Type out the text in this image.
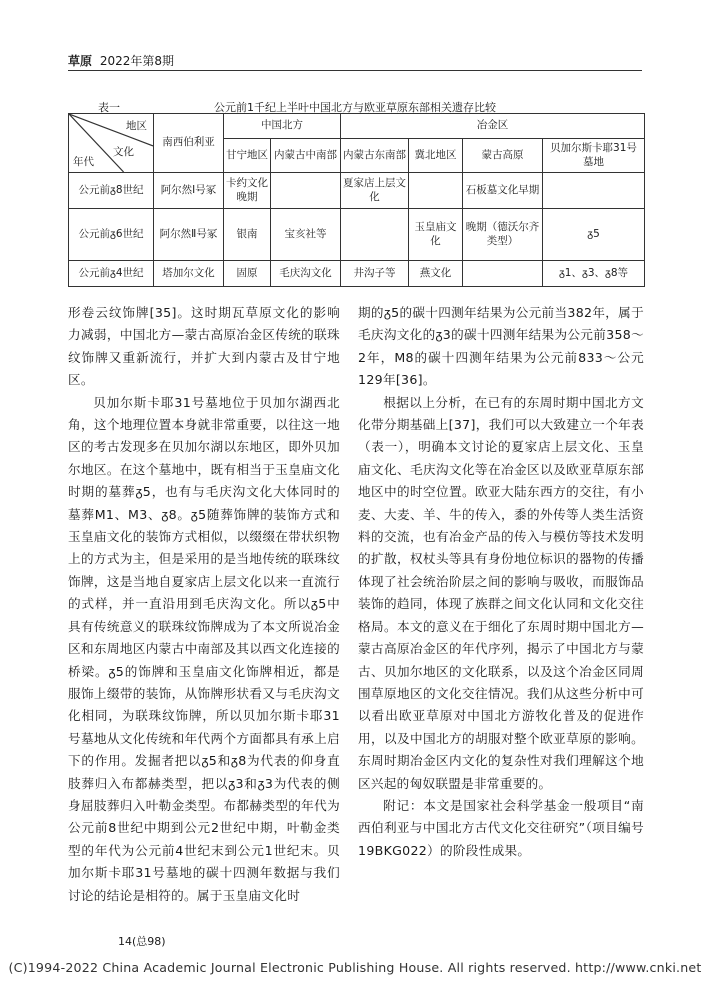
草原 2022年第8期
公元前1千纪上半叶中国北方与欧亚草原东部相关遗存比较
表一
地区
文化
年代	南西伯利亚	中国北方		冶金区			
		甘宁地区	内蒙古中南部	内蒙古东南部	冀北地区	蒙古高原	贝加尔斯卡耶31号墓地
公元前ᵹ8世纪	阿尔然Ⅰ号冢	卡约文化晚期		夏家店上层文化		石板墓文化早期	
公元前ᵹ6世纪	阿尔然Ⅱ号冢	银南	宝亥社等		玉皇庙文化	晚期（德沃尔齐类型）	ᵹ5
公元前ᵹ4世纪	塔加尔文化	固原	毛庆沟文化	井沟子等	燕文化		ᵹ1、ᵹ3、ᵹ8等

形卷云纹饰牌[35]。这时期瓦草原文化的影响力减弱，中国北方—蒙古高原冶金区传统的联珠纹饰牌又重新流行，并扩大到内蒙古及甘宁地区。

贝加尔斯卡耶31号墓地位于贝加尔湖西北角，这个地理位置本身就非常重要，以往这一地区的考古发现多在贝加尔湖以东地区，即外贝加尔地区。在这个墓地中，既有相当于玉皇庙文化时期的墓葬ᵹ5，也有与毛庆沟文化大体同时的墓葬M1、M3、ᵹ8。ᵹ5随葬饰牌的装饰方式和玉皇庙文化的装饰方式相似，以缀缀在带状织物上的方式为主，但是采用的是当地传统的联珠纹饰牌，这是当地自夏家店上层文化以来一直流行的式样，并一直沿用到毛庆沟文化。所以ᵹ5中具有传统意义的联珠纹饰牌成为了本文所说冶金区和东周地区内蒙古中南部及其以西文化连接的桥梁。ᵹ5的饰牌和玉皇庙文化饰牌相近，都是服饰上缀带的装饰，从饰牌形状看又与毛庆沟文化相同，为联珠纹饰牌，所以贝加尔斯卡耶31号墓地从文化传统和年代两个方面都具有承上启下的作用。发掘者把以ᵹ5和ᵹ8为代表的仰身直肢葬归入布都赫类型，把以ᵹ3和ᵹ3为代表的侧身屈肢葬归入叶勒金类型。布都赫类型的年代为公元前8世纪中期到公元2世纪中期，叶勒金类型的年代为公元前4世纪末到公元1世纪末。贝加尔斯卡耶31号墓地的碳十四测年数据与我们讨论的结论是相符的。属于玉皇庙文化时

期的ᵹ5的碳十四测年结果为公元前当382年，属于毛庆沟文化的ᵹ3的碳十四测年结果为公元前358～2年，M8的碳十四测年结果为公元前833～公元129年[36]。

根据以上分析，在已有的东周时期中国北方文化带分期基础上[37]，我们可以大致建立一个年表（表一），明确本文讨论的夏家店上层文化、玉皇庙文化、毛庆沟文化等在冶金区以及欧亚草原东部地区中的时空位置。欧亚大陆东西方的交往，有小麦、大麦、羊、牛的传入，黍的外传等人类生活资料的交流，也有冶金产品的传入与模仿等技术发明的扩散，权杖头等具有身份地位标识的器物的传播体现了社会统治阶层之间的影响与吸收，而服饰品装饰的趋同，体现了族群之间文化认同和文化交往格局。本文的意义在于细化了东周时期中国北方—蒙古高原冶金区的年代序列，揭示了中国北方与蒙古、贝加尔地区的文化联系，以及这个冶金区同周围草原地区的文化交往情况。我们从这些分析中可以看出欧亚草原对中国北方游牧化普及的促进作用，以及中国北方的胡服对整个欧亚草原的影响。东周时期冶金区内文化的复杂性对我们理解这个地区兴起的匈奴联盟是非常重要的。

附记：本文是国家社会科学基金一般项目“南西伯利亚与中国北方古代文化交往研究”（项目编号19BKG022）的阶段性成果。

14(总98)
(C)1994-2022 China Academic Journal Electronic Publishing House. All rights reserved. http://www.cnki.net
